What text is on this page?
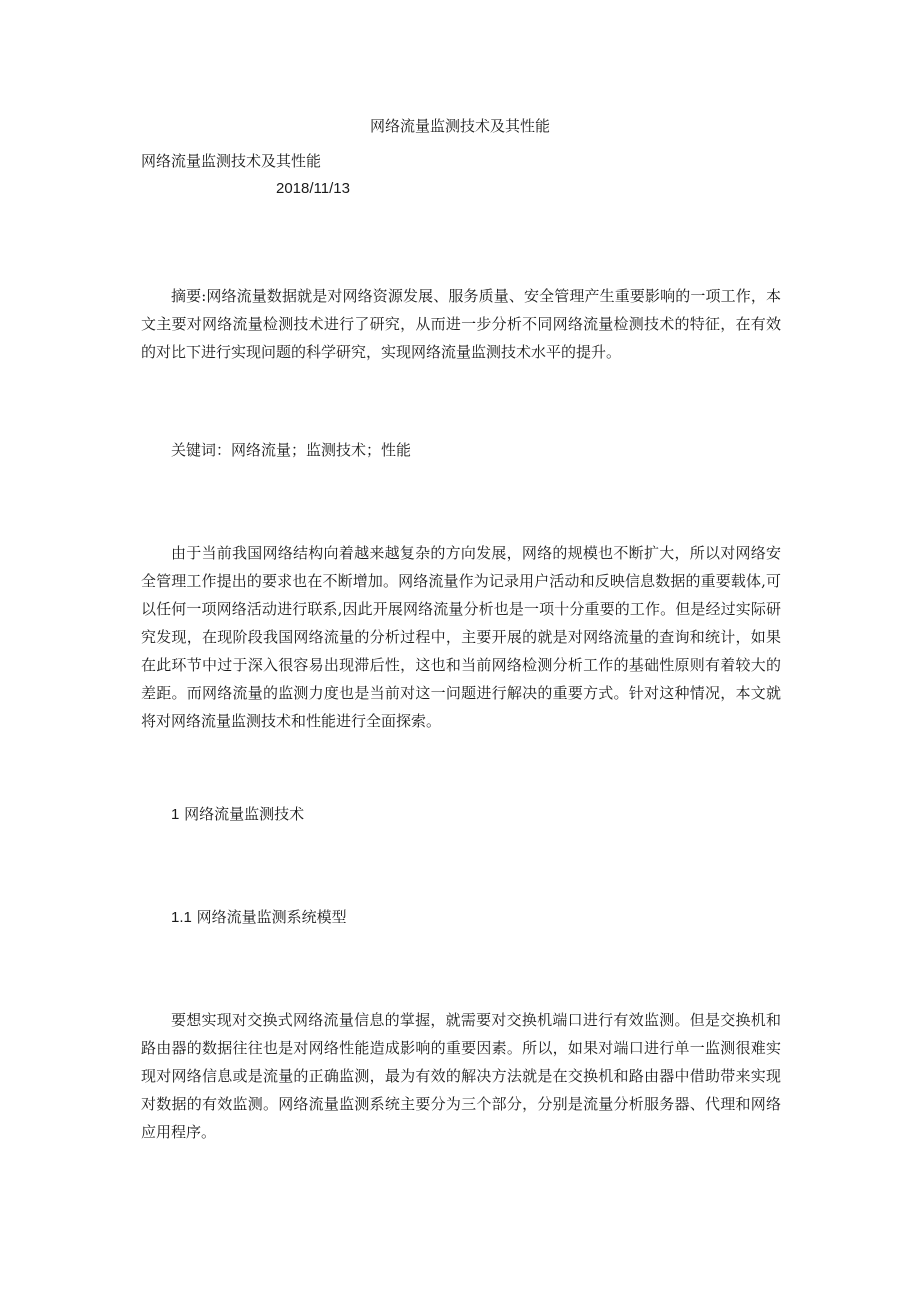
网络流量监测技术及其性能
网络流量监测技术及其性能
2018/11/13

摘要:网络流量数据就是对网络资源发展、服务质量、安全管理产生重要影响的一项工作，本文主要对网络流量检测技术进行了研究，从而进一步分析不同网络流量检测技术的特征，在有效的对比下进行实现问题的科学研究，实现网络流量监测技术水平的提升。

关键词：网络流量；监测技术；性能

由于当前我国网络结构向着越来越复杂的方向发展，网络的规模也不断扩大，所以对网络安全管理工作提出的要求也在不断增加。网络流量作为记录用户活动和反映信息数据的重要载体,可以任何一项网络活动进行联系,因此开展网络流量分析也是一项十分重要的工作。但是经过实际研究发现，在现阶段我国网络流量的分析过程中，主要开展的就是对网络流量的查询和统计，如果在此环节中过于深入很容易出现滞后性，这也和当前网络检测分析工作的基础性原则有着较大的差距。而网络流量的监测力度也是当前对这一问题进行解决的重要方式。针对这种情况，本文就将对网络流量监测技术和性能进行全面探索。

1 网络流量监测技术
1.1 网络流量监测系统模型

要想实现对交换式网络流量信息的掌握，就需要对交换机端口进行有效监测。但是交换机和路由器的数据往往也是对网络性能造成影响的重要因素。所以，如果对端口进行单一监测很难实现对网络信息或是流量的正确监测，最为有效的解决方法就是在交换机和路由器中借助带来实现对数据的有效监测。网络流量监测系统主要分为三个部分，分别是流量分析服务器、代理和网络应用程序。
